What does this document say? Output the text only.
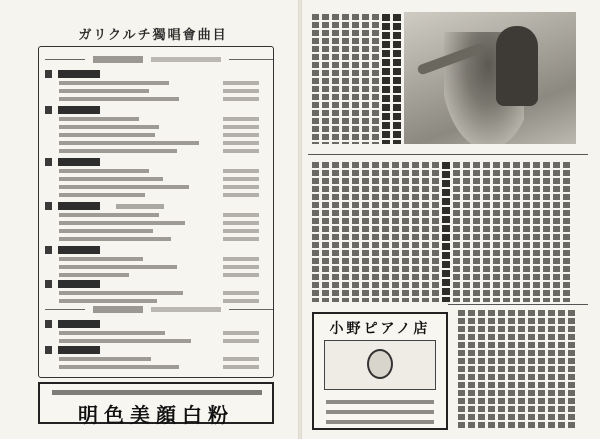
ガリクルチ獨唱會曲目
明色美顔白粉
小野ピアノ店
